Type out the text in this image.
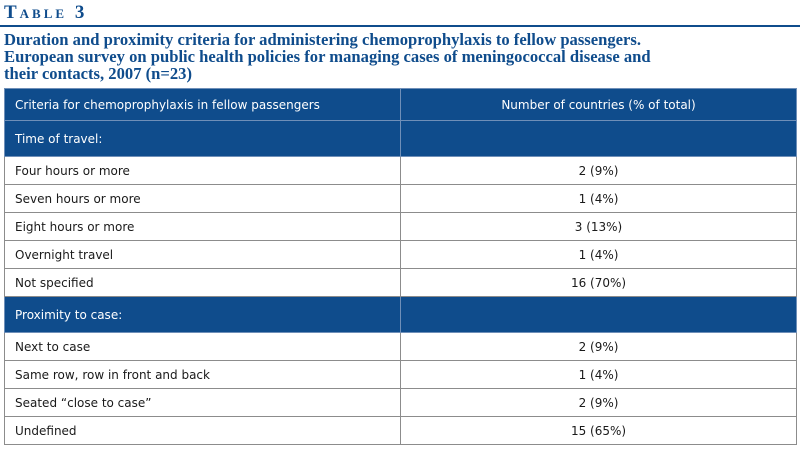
Table 3
Duration and proximity criteria for administering chemoprophylaxis to fellow passengers.
European survey on public health policies for managing cases of meningococcal disease and
their contacts, 2007 (n=23)
Criteria for chemoprophylaxis in fellow passengers	Number of countries (% of total)
Time of travel:	
Four hours or more	2 (9%)
Seven hours or more	1 (4%)
Eight hours or more	3 (13%)
Overnight travel	1 (4%)
Not specified	16 (70%)
Proximity to case:	
Next to case	2 (9%)
Same row, row in front and back	1 (4%)
Seated “close to case”	2 (9%)
Undefined	15 (65%)
